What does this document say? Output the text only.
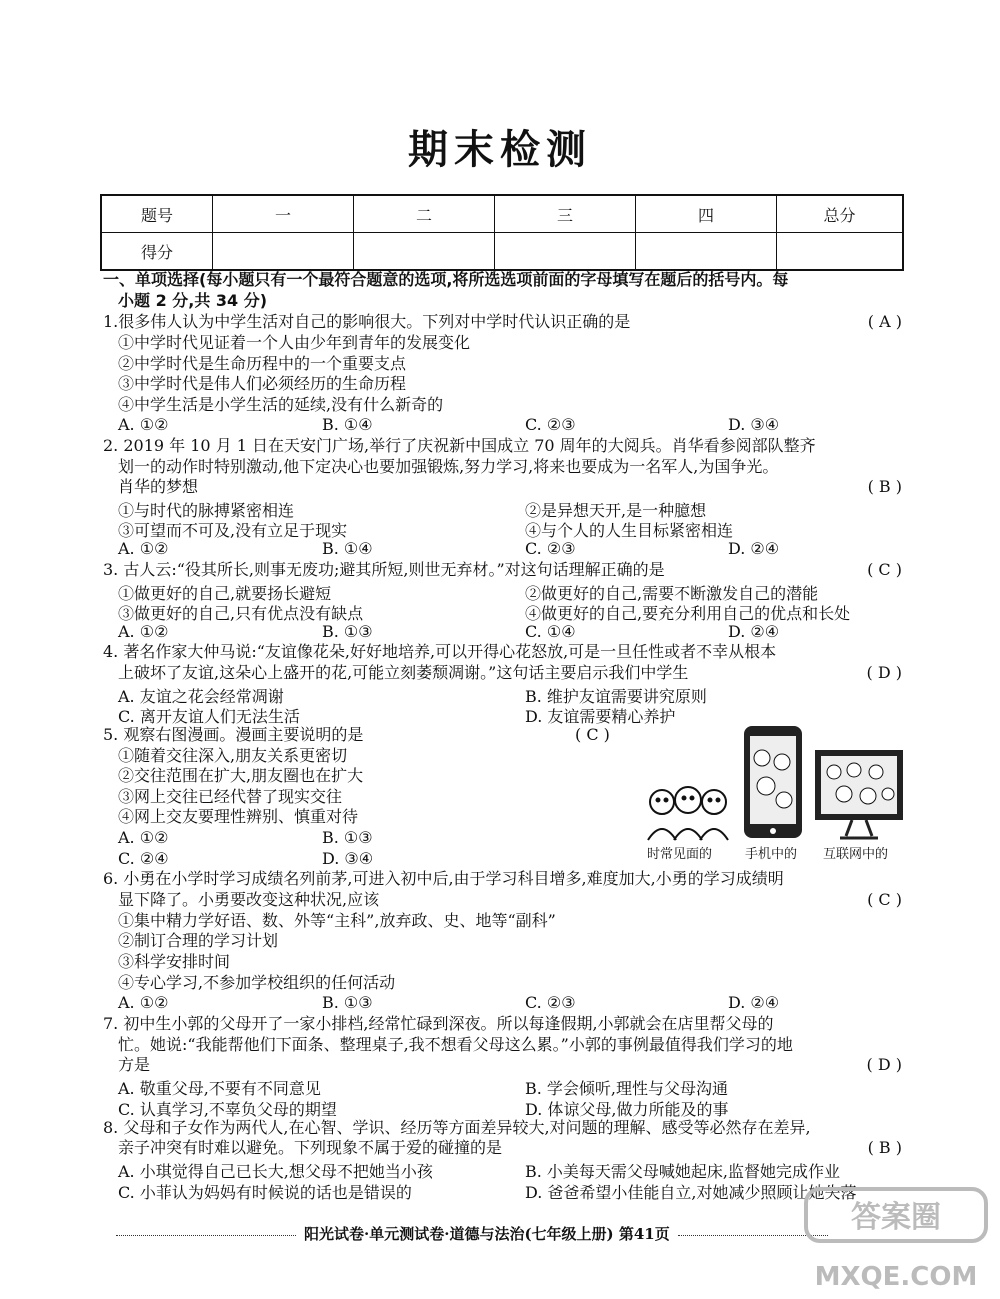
期末检测
题号	一	二	三	四	总分
得分					
一、单项选择(每小题只有一个最符合题意的选项,将所选选项前面的字母填写在题后的括号内。每
小题 2 分,共 34 分)
1.很多伟人认为中学生活对自己的影响很大。下列对中学时代认识正确的是	( A )
①中学时代见证着一个人由少年到青年的发展变化
②中学时代是生命历程中的一个重要支点
③中学时代是伟人们必须经历的生命历程
④中学生活是小学生活的延续,没有什么新奇的
A. ①②	B. ①④	C. ②③	D. ③④
2. 2019 年 10 月 1 日在天安门广场,举行了庆祝新中国成立 70 周年的大阅兵。肖华看参阅部队整齐
划一的动作时特别激动,他下定决心也要加强锻炼,努力学习,将来也要成为一名军人,为国争光。
肖华的梦想	( B )
①与时代的脉搏紧密相连	②是异想天开,是一种臆想
③可望而不可及,没有立足于现实	④与个人的人生目标紧密相连
A. ①②	B. ①④	C. ②③	D. ②④
3. 古人云:“役其所长,则事无废功;避其所短,则世无弃材。”对这句话理解正确的是	( C )
①做更好的自己,就要扬长避短	②做更好的自己,需要不断激发自己的潜能
③做更好的自己,只有优点没有缺点	④做更好的自己,要充分利用自己的优点和长处
A. ①②	B. ①③	C. ①④	D. ②④
4. 著名作家大仲马说:“友谊像花朵,好好地培养,可以开得心花怒放,可是一旦任性或者不幸从根本
上破坏了友谊,这朵心上盛开的花,可能立刻萎颓凋谢。”这句话主要启示我们中学生	( D )
A. 友谊之花会经常凋谢	B. 维护友谊需要讲究原则
C. 离开友谊人们无法生活	D. 友谊需要精心养护
5. 观察右图漫画。漫画主要说明的是	( C )
①随着交往深入,朋友关系更密切
②交往范围在扩大,朋友圈也在扩大
③网上交往已经代替了现实交往
④网上交友要理性辨别、慎重对待
A. ①②	B. ①③
C. ②④	D. ③④	时常见面的	手机中的 互联网中的
6. 小勇在小学时学习成绩名列前茅,可进入初中后,由于学习科目增多,难度加大,小勇的学习成绩明
显下降了。小勇要改变这种状况,应该	( C )
①集中精力学好语、数、外等“主科”,放弃政、史、地等“副科”
②制订合理的学习计划
③科学安排时间
④专心学习,不参加学校组织的任何活动
A. ①②	B. ①③	C. ②③	D. ②④
7. 初中生小郭的父母开了一家小排档,经常忙碌到深夜。所以每逢假期,小郭就会在店里帮父母的
忙。她说:“我能帮他们下面条、整理桌子,我不想看父母这么累。”小郭的事例最值得我们学习的地
方是	( D )
A. 敬重父母,不要有不同意见	B. 学会倾听,理性与父母沟通
C. 认真学习,不辜负父母的期望	D. 体谅父母,做力所能及的事
8. 父母和子女作为两代人,在心智、学识、经历等方面差异较大,对问题的理解、感受等必然存在差异,
亲子冲突有时难以避免。下列现象不属于爱的碰撞的是	( B )
A. 小琪觉得自己已长大,想父母不把她当小孩	B. 小美每天需父母喊她起床,监督她完成作业
C. 小菲认为妈妈有时候说的话也是错误的	D. 爸爸希望小佳能自立,对她减少照顾让她失落
阳光试卷·单元测试卷·道德与法治(七年级上册) 第41页	答案圈
MXQE.COM
